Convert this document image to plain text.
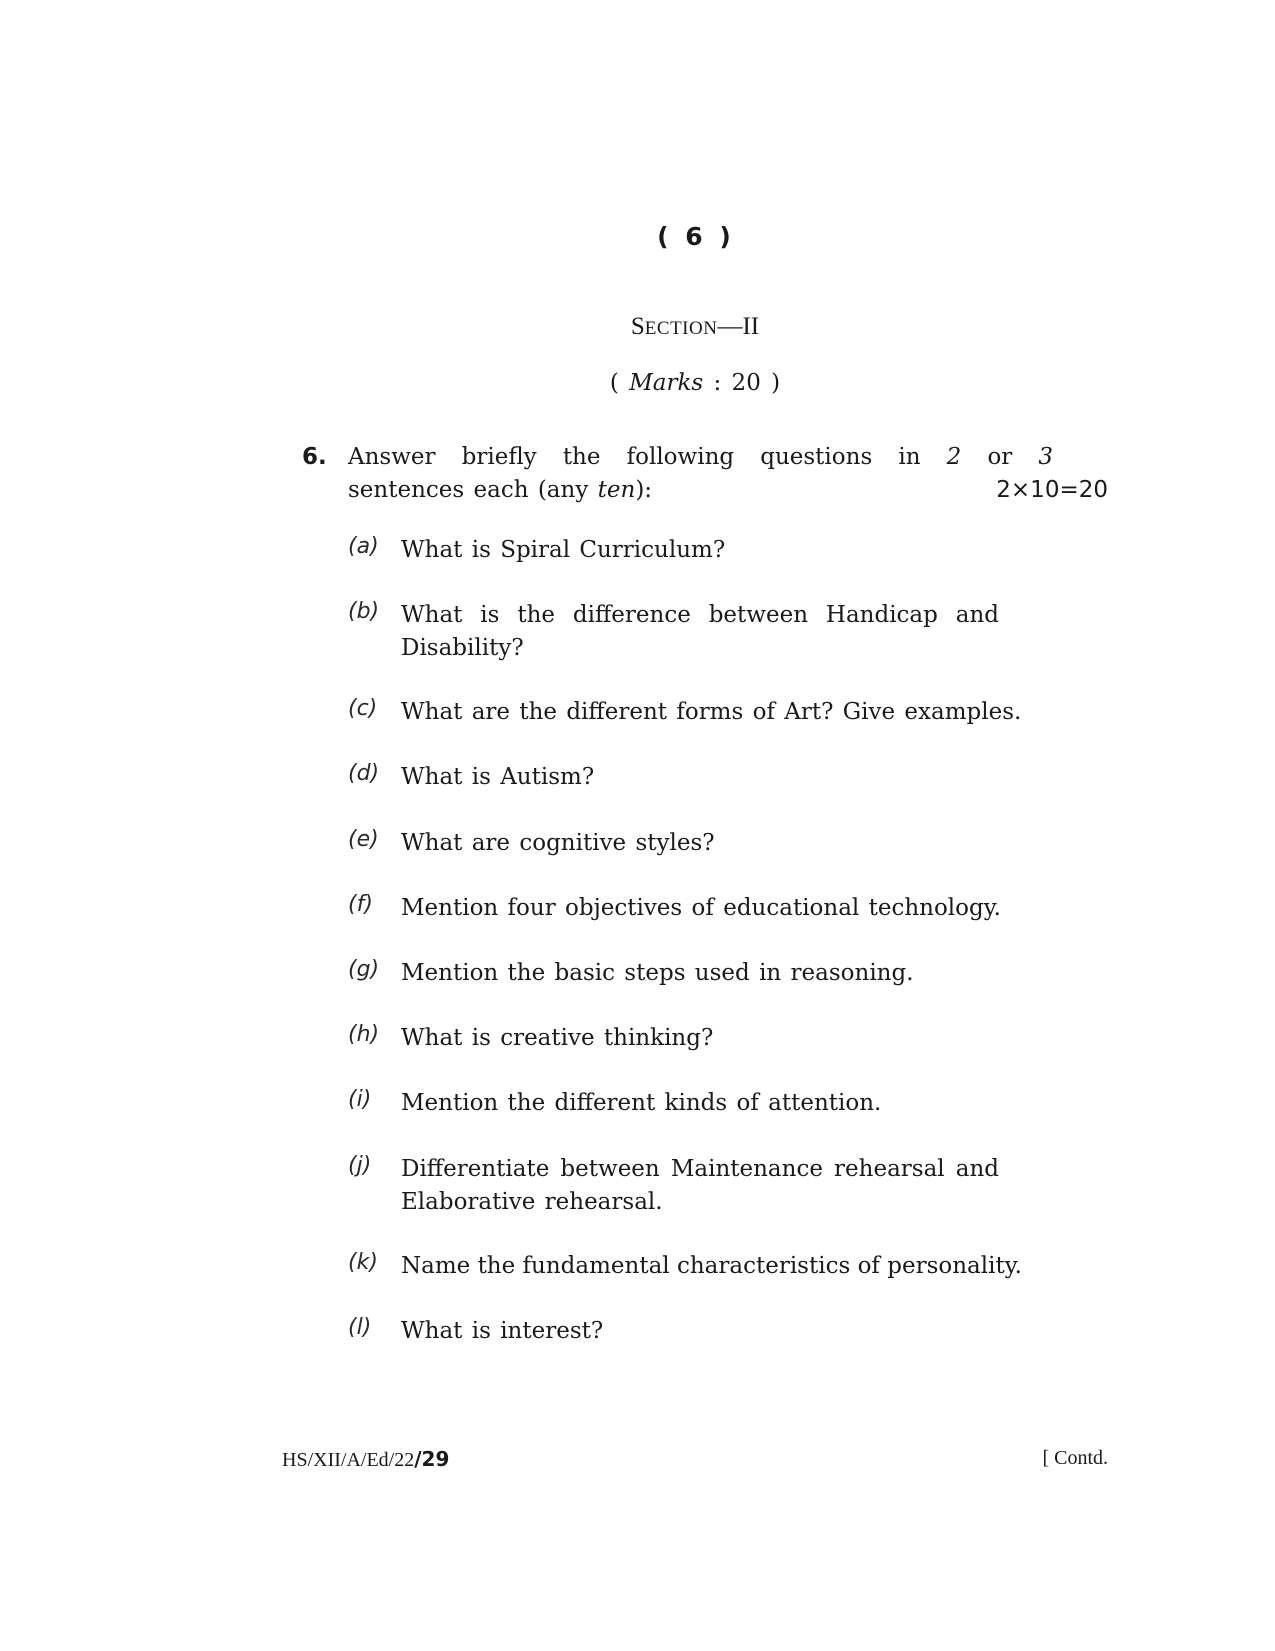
( 6 )
SECTION—II
( Marks : 20 )
6. Answer briefly the following questions in 2 or 3
sentences each (any ten):	2×10=20
(a) What is Spiral Curriculum?
(b) What is the difference between Handicap and
Disability?
(c) What are the different forms of Art? Give examples.
(d) What is Autism?
(e) What are cognitive styles?
(f) Mention four objectives of educational technology.
(g) Mention the basic steps used in reasoning.
(h) What is creative thinking?
(i) Mention the different kinds of attention.
(j) Differentiate between Maintenance rehearsal and
Elaborative rehearsal.
(k) Name the fundamental characteristics of personality.
(l) What is interest?
HS/XII/A/Ed/22/29	[ Contd.
